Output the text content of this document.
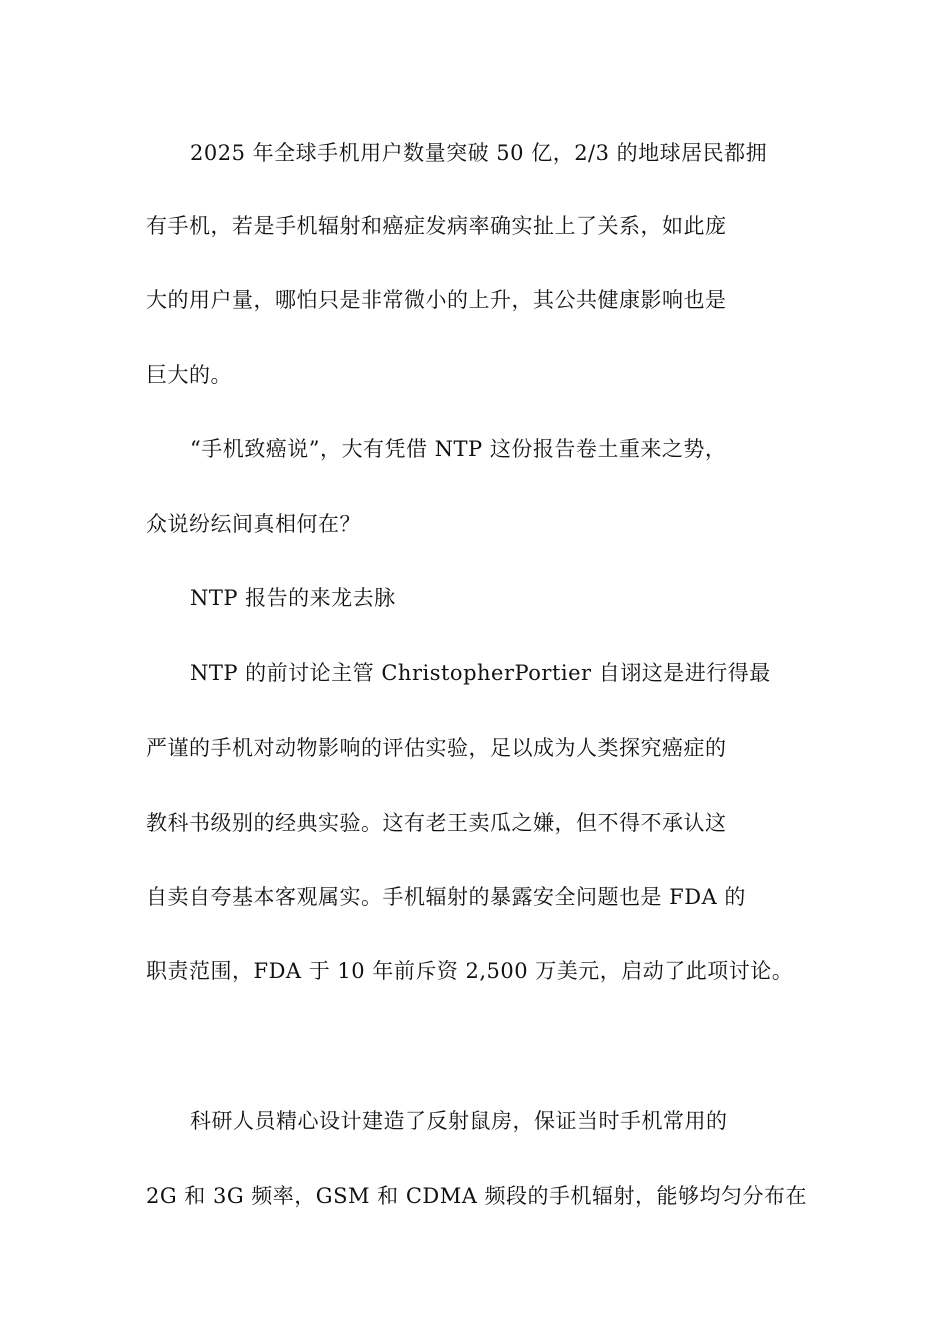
2025 年全球手机用户数量突破 50 亿，2/3 的地球居民都拥
有手机，若是手机辐射和癌症发病率确实扯上了关系，如此庞
大的用户量，哪怕只是非常微小的上升，其公共健康影响也是
巨大的。
“手机致癌说”，大有凭借 NTP 这份报告卷土重来之势，
众说纷纭间真相何在？
NTP 报告的来龙去脉
NTP 的前讨论主管 ChristopherPortier 自诩这是进行得最
严谨的手机对动物影响的评估实验，足以成为人类探究癌症的
教科书级别的经典实验。这有老王卖瓜之嫌，但不得不承认这
自卖自夸基本客观属实。手机辐射的暴露安全问题也是 FDA 的
职责范围，FDA 于 10 年前斥资 2,500 万美元，启动了此项讨论。
科研人员精心设计建造了反射鼠房，保证当时手机常用的
2G 和 3G 频率，GSM 和 CDMA 频段的手机辐射，能够均匀分布在
